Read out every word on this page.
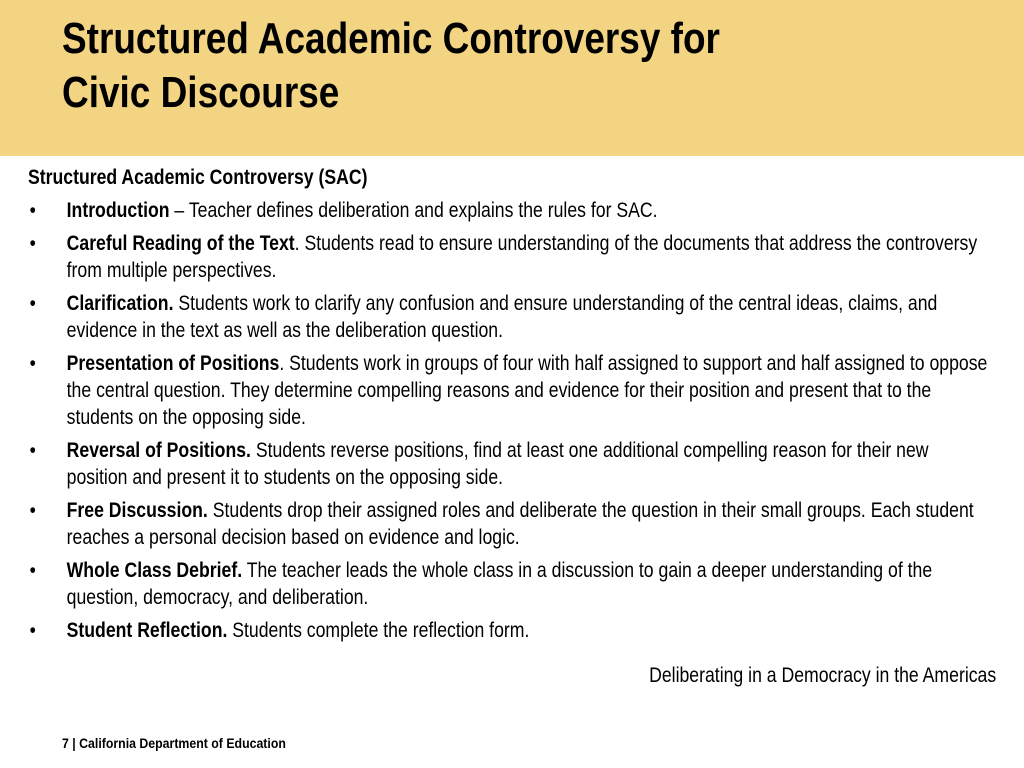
Structured Academic Controversy for Civic Discourse
Structured Academic Controversy (SAC)
• Introduction – Teacher defines deliberation and explains the rules for SAC.
• Careful Reading of the Text. Students read to ensure understanding of the documents that address the controversy from multiple perspectives.
• Clarification. Students work to clarify any confusion and ensure understanding of the central ideas, claims, and evidence in the text as well as the deliberation question.
• Presentation of Positions. Students work in groups of four with half assigned to support and half assigned to oppose the central question. They determine compelling reasons and evidence for their position and present that to the students on the opposing side.
• Reversal of Positions. Students reverse positions, find at least one additional compelling reason for their new position and present it to students on the opposing side.
• Free Discussion. Students drop their assigned roles and deliberate the question in their small groups. Each student reaches a personal decision based on evidence and logic.
• Whole Class Debrief. The teacher leads the whole class in a discussion to gain a deeper understanding of the question, democracy, and deliberation.
• Student Reflection. Students complete the reflection form.
Deliberating in a Democracy in the Americas
7 | California Department of Education
